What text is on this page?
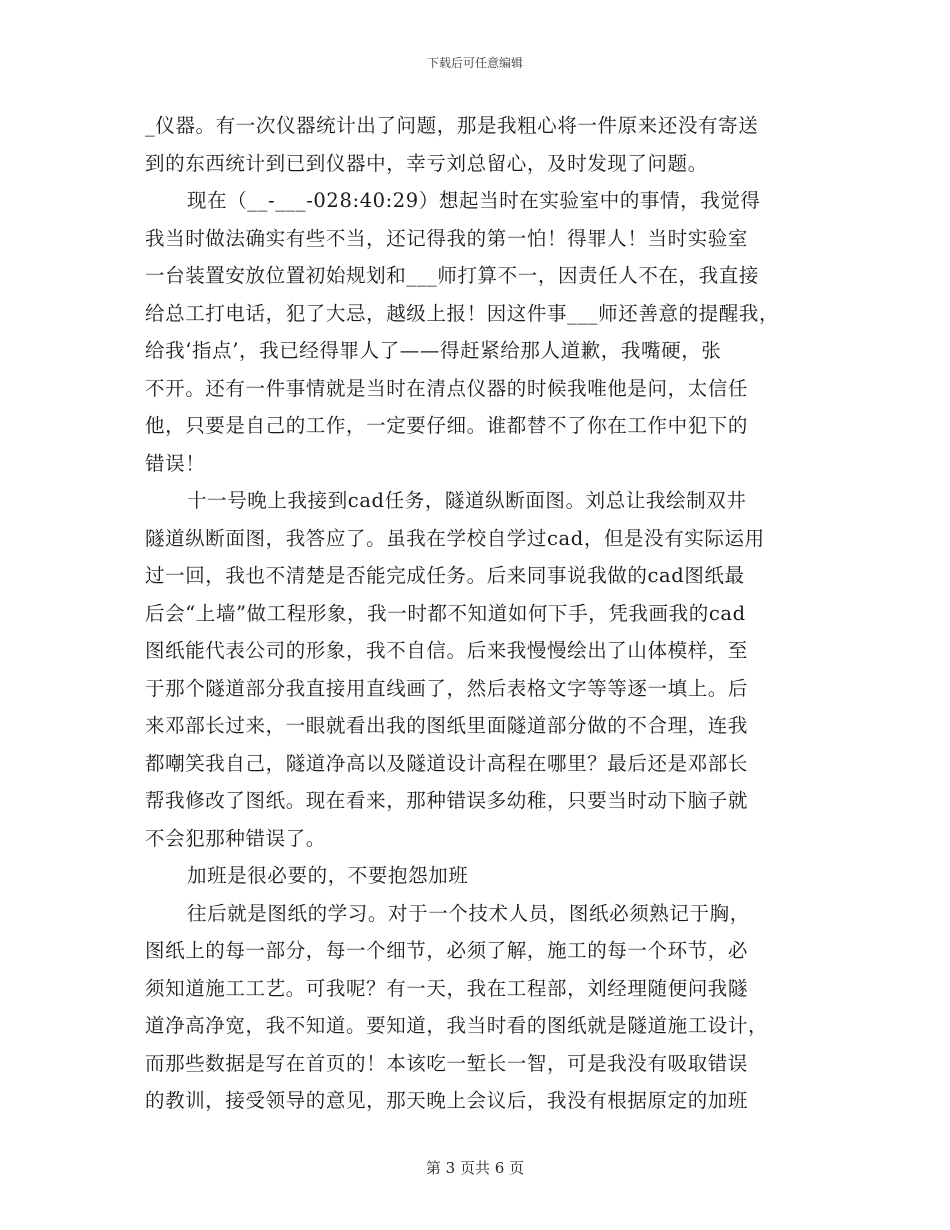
下载后可任意编辑
_仪器。有一次仪器统计出了问题，那是我粗心将一件原来还没有寄送
到的东西统计到已到仪器中，幸亏刘总留心，及时发现了问题。
现在（__-___-028:40:29）想起当时在实验室中的事情，我觉得
我当时做法确实有些不当，还记得我的第一怕！得罪人！当时实验室
一台装置安放位置初始规划和___师打算不一，因责任人不在，我直接
给总工打电话，犯了大忌，越级上报！因这件事___师还善意的提醒我，
给我‘指点’，我已经得罪人了——得赶紧给那人道歉，我嘴硬，张
不开。还有一件事情就是当时在清点仪器的时候我唯他是问，太信任
他，只要是自己的工作，一定要仔细。谁都替不了你在工作中犯下的
错误！
十一号晚上我接到cad任务，隧道纵断面图。刘总让我绘制双井
隧道纵断面图，我答应了。虽我在学校自学过cad，但是没有实际运用
过一回，我也不清楚是否能完成任务。后来同事说我做的cad图纸最
后会“上墙”做工程形象，我一时都不知道如何下手，凭我画我的cad
图纸能代表公司的形象，我不自信。后来我慢慢绘出了山体模样，至
于那个隧道部分我直接用直线画了，然后表格文字等等逐一填上。后
来邓部长过来，一眼就看出我的图纸里面隧道部分做的不合理，连我
都嘲笑我自己，隧道净高以及隧道设计高程在哪里？最后还是邓部长
帮我修改了图纸。现在看来，那种错误多幼稚，只要当时动下脑子就
不会犯那种错误了。
加班是很必要的，不要抱怨加班
往后就是图纸的学习。对于一个技术人员，图纸必须熟记于胸，
图纸上的每一部分，每一个细节，必须了解，施工的每一个环节，必
须知道施工工艺。可我呢？有一天，我在工程部，刘经理随便问我隧
道净高净宽，我不知道。要知道，我当时看的图纸就是隧道施工设计，
而那些数据是写在首页的！本该吃一堑长一智，可是我没有吸取错误
的教训，接受领导的意见，那天晚上会议后，我没有根据原定的加班
第 3 页共 6 页
